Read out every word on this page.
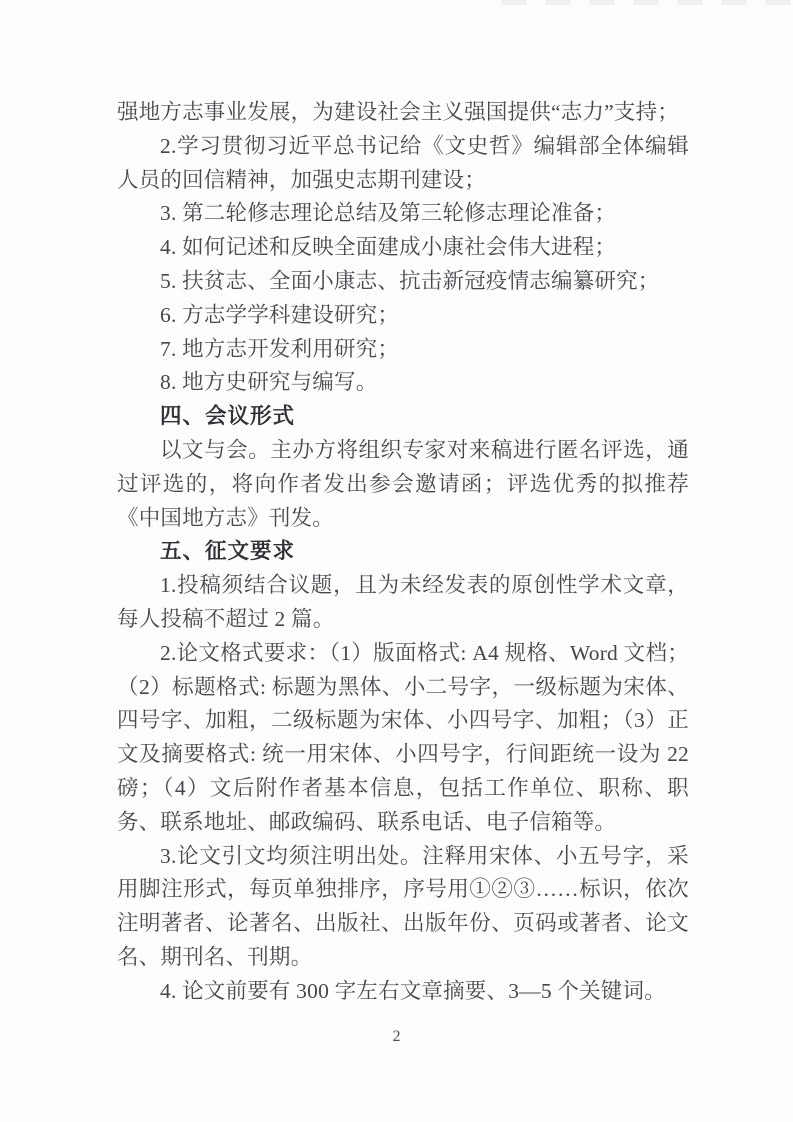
强地方志事业发展，为建设社会主义强国提供“志力”支持；

2.学习贯彻习近平总书记给《文史哲》编辑部全体编辑人员的回信精神，加强史志期刊建设；

3. 第二轮修志理论总结及第三轮修志理论准备；

4. 如何记述和反映全面建成小康社会伟大进程；

5. 扶贫志、全面小康志、抗击新冠疫情志编纂研究；

6. 方志学学科建设研究；

7. 地方志开发利用研究；

8. 地方史研究与编写。

四、会议形式

以文与会。主办方将组织专家对来稿进行匿名评选，通过评选的，将向作者发出参会邀请函；评选优秀的拟推荐《中国地方志》刊发。

五、征文要求

1.投稿须结合议题，且为未经发表的原创性学术文章，每人投稿不超过 2 篇。

2.论文格式要求：（1）版面格式: A4 规格、Word 文档；（2）标题格式: 标题为黑体、小二号字，一级标题为宋体、四号字、加粗，二级标题为宋体、小四号字、加粗；（3）正文及摘要格式: 统一用宋体、小四号字，行间距统一设为 22 磅；（4）文后附作者基本信息，包括工作单位、职称、职务、联系地址、邮政编码、联系电话、电子信箱等。

3.论文引文均须注明出处。注释用宋体、小五号字，采用脚注形式，每页单独排序，序号用①②③……标识，依次注明著者、论著名、出版社、出版年份、页码或著者、论文名、期刊名、刊期。

4. 论文前要有 300 字左右文章摘要、3—5 个关键词。

2
